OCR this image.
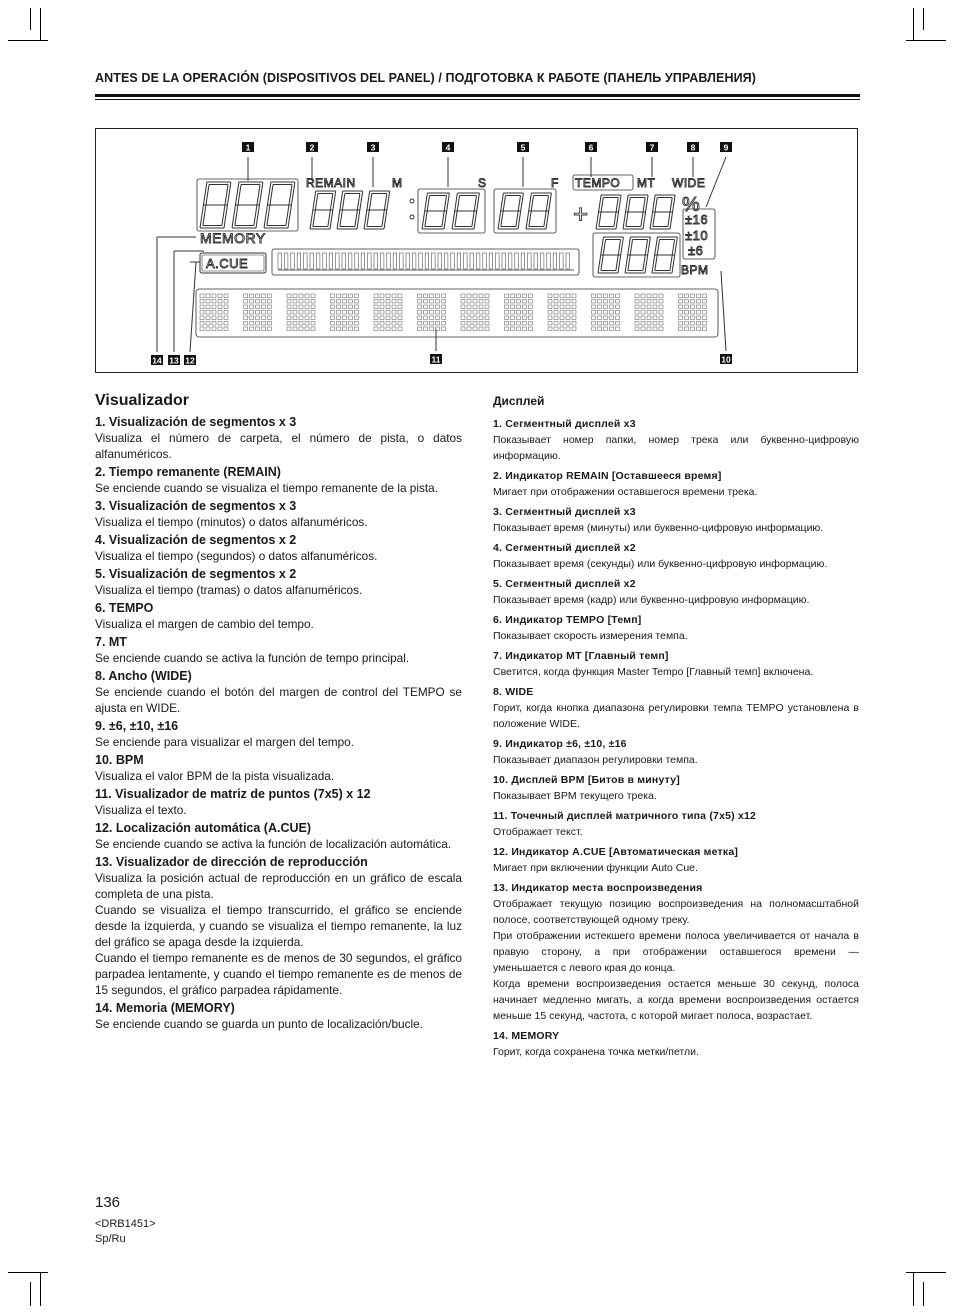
ANTES DE LA OPERACIÓN (DISPOSITIVOS DEL PANEL) / ПОДГОТОВКА К РАБОТЕ (ПАНЕЛЬ УПРАВЛЕНИЯ)
1	2	3	4	5	6	7	8	9
10
11
12
13
14
MEMORY
REMAIN	M	S	F TEMPO MT WIDE
+	%
±16
±10
±6
BPM
A.CUE
Visualizador
1. Visualización de segmentos x 3

Visualiza el número de carpeta, el número de pista, o datos alfanuméricos.

2. Tiempo remanente (REMAIN)

Se enciende cuando se visualiza el tiempo remanente de la pista.

3. Visualización de segmentos x 3

Visualiza el tiempo (minutos) o datos alfanuméricos.

4. Visualización de segmentos x 2

Visualiza el tiempo (segundos) o datos alfanuméricos.

5. Visualización de segmentos x 2

Visualiza el tiempo (tramas) o datos alfanuméricos.

6. TEMPO

Visualiza el margen de cambio del tempo.

7. MT

Se enciende cuando se activa la función de tempo principal.

8. Ancho (WIDE)

Se enciende cuando el botón del margen de control del TEMPO se ajusta en WIDE.

9. ±6, ±10, ±16

Se enciende para visualizar el margen del tempo.

10. BPM

Visualiza el valor BPM de la pista visualizada.

11. Visualizador de matriz de puntos (7x5) x 12

Visualiza el texto.

12. Localización automática (A.CUE)

Se enciende cuando se activa la función de localización automática.

13. Visualizador de dirección de reproducción

Visualiza la posición actual de reproducción en un gráfico de escala completa de una pista.

Cuando se visualiza el tiempo transcurrido, el gráfico se enciende desde la izquierda, y cuando se visualiza el tiempo remanente, la luz del gráfico se apaga desde la izquierda.

Cuando el tiempo remanente es de menos de 30 segundos, el gráfico parpadea lentamente, y cuando el tiempo remanente es de menos de 15 segundos, el gráfico parpadea rápidamente.

14. Memoria (MEMORY)

Se enciende cuando se guarda un punto de localización/bucle.

Дисплей
1. Сегментный дисплей x3

Показывает номер папки, номер трека или буквенно-цифровую информацию.

2. Индикатор REMAIN [Оставшееся время]

Мигает при отображении оставшегося времени трека.

3. Сегментный дисплей x3

Показывает время (минуты) или буквенно-цифровую информацию.

4. Сегментный дисплей x2

Показывает время (секунды) или буквенно-цифровую информацию.

5. Сегментный дисплей x2

Показывает время (кадр) или буквенно-цифровую информацию.

6. Индикатор TEMPO [Темп]

Показывает скорость измерения темпа.

7. Индикатор MT [Главный темп]

Светится, когда функция Master Tempo [Главный темп] включена.

8. WIDE

Горит, когда кнопка диапазона регулировки темпа TEMPO установлена в положение WIDE.

9. Индикатор ±6, ±10, ±16

Показывает диапазон регулировки темпа.

10. Дисплей BPM [Битов в минуту]

Показывает BPM текущего трека.

11. Точечный дисплей матричного типа (7x5) x12

Отображает текст.

12. Индикатор A.CUE [Автоматическая метка]

Мигает при включении функции Auto Cue.

13. Индикатор места воспроизведения

Отображает текущую позицию воспроизведения на полномасштабной полосе, соответствующей одному треку.

При отображении истекшего времени полоса увеличивается от начала в правую сторону, а при отображении оставшегося времени — уменьшается с левого края до конца.

Когда времени воспроизведения остается меньше 30 секунд, полоса начинает медленно мигать, а когда времени воспроизведения остается меньше 15 секунд, частота, с которой мигает полоса, возрастает.

14. MEMORY

Горит, когда сохранена точка метки/петли.

136
<DRB1451>
Sp/Ru
